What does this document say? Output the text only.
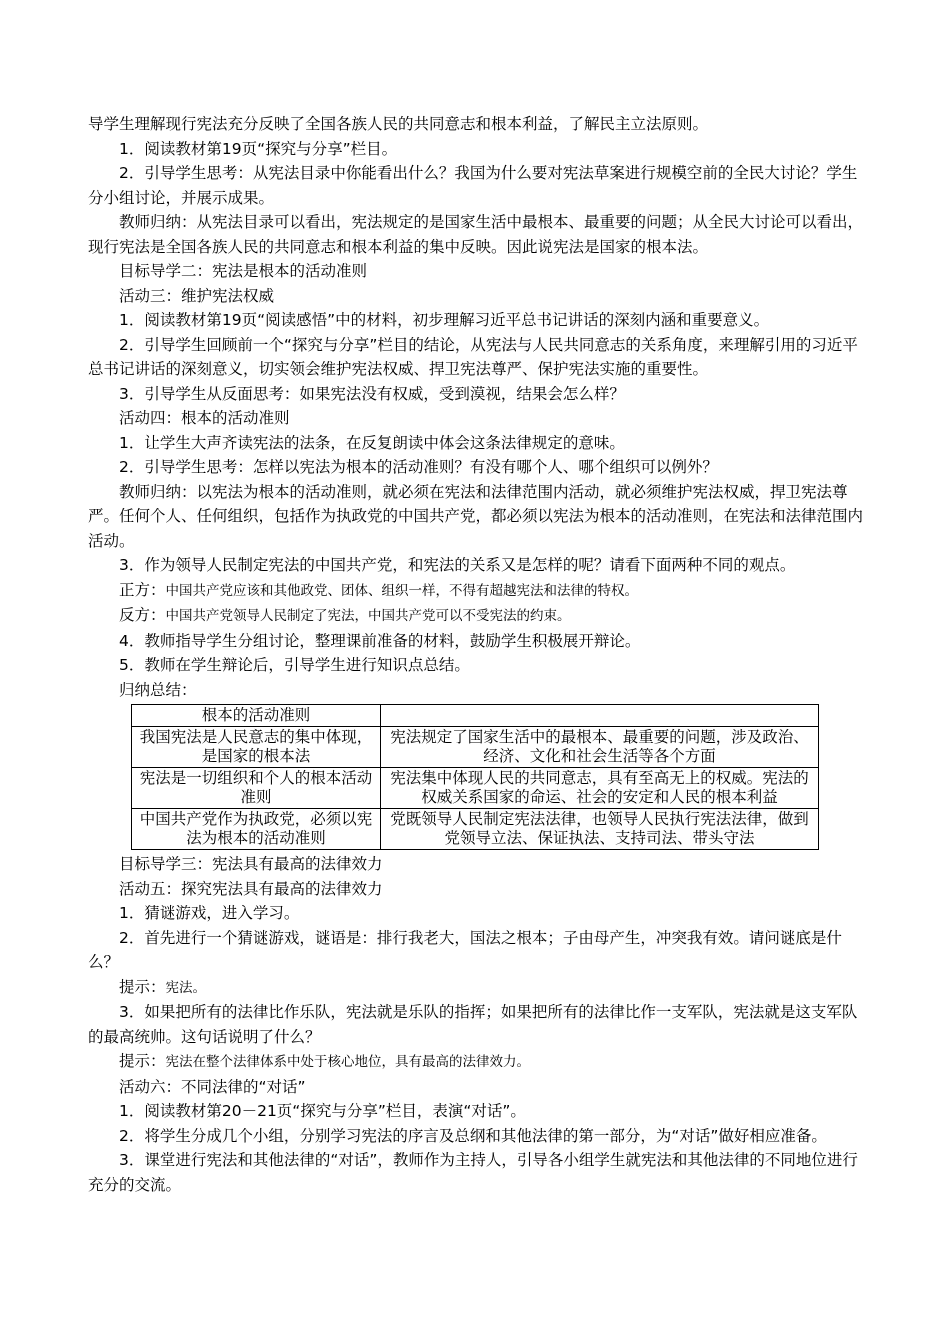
导学生理解现行宪法充分反映了全国各族人民的共同意志和根本利益，了解民主立法原则。

1．阅读教材第19页“探究与分享”栏目。

2．引导学生思考：从宪法目录中你能看出什么？我国为什么要对宪法草案进行规模空前的全民大讨论？学生分小组讨论，并展示成果。

教师归纳：从宪法目录可以看出，宪法规定的是国家生活中最根本、最重要的问题；从全民大讨论可以看出，现行宪法是全国各族人民的共同意志和根本利益的集中反映。因此说宪法是国家的根本法。

目标导学二：宪法是根本的活动准则

活动三：维护宪法权威

1．阅读教材第19页“阅读感悟”中的材料，初步理解习近平总书记讲话的深刻内涵和重要意义。

2．引导学生回顾前一个“探究与分享”栏目的结论，从宪法与人民共同意志的关系角度，来理解引用的习近平总书记讲话的深刻意义，切实领会维护宪法权威、捍卫宪法尊严、保护宪法实施的重要性。

3．引导学生从反面思考：如果宪法没有权威，受到漠视，结果会怎么样？

活动四：根本的活动准则

1．让学生大声齐读宪法的法条，在反复朗读中体会这条法律规定的意味。

2．引导学生思考：怎样以宪法为根本的活动准则？有没有哪个人、哪个组织可以例外？

教师归纳：以宪法为根本的活动准则，就必须在宪法和法律范围内活动，就必须维护宪法权威，捍卫宪法尊严。任何个人、任何组织，包括作为执政党的中国共产党，都必须以宪法为根本的活动准则，在宪法和法律范围内活动。

3．作为领导人民制定宪法的中国共产党，和宪法的关系又是怎样的呢？请看下面两种不同的观点。

正方：中国共产党应该和其他政党、团体、组织一样，不得有超越宪法和法律的特权。

反方：中国共产党领导人民制定了宪法，中国共产党可以不受宪法的约束。

4．教师指导学生分组讨论，整理课前准备的材料，鼓励学生积极展开辩论。

5．教师在学生辩论后，引导学生进行知识点总结。

归纳总结：

根本的活动准则	
我国宪法是人民意志的集中体现，是国家的根本法	宪法规定了国家生活中的最根本、最重要的问题，涉及政治、经济、文化和社会生活等各个方面
宪法是一切组织和个人的根本活动准则	宪法集中体现人民的共同意志，具有至高无上的权威。宪法的权威关系国家的命运、社会的安定和人民的根本利益
中国共产党作为执政党，必须以宪法为根本的活动准则	党既领导人民制定宪法法律，也领导人民执行宪法法律，做到党领导立法、保证执法、支持司法、带头守法

目标导学三：宪法具有最高的法律效力

活动五：探究宪法具有最高的法律效力

1．猜谜游戏，进入学习。

2．首先进行一个猜谜游戏，谜语是：排行我老大，国法之根本；子由母产生，冲突我有效。请问谜底是什么？

提示：宪法。

3．如果把所有的法律比作乐队，宪法就是乐队的指挥；如果把所有的法律比作一支军队，宪法就是这支军队的最高统帅。这句话说明了什么？

提示：宪法在整个法律体系中处于核心地位，具有最高的法律效力。

活动六：不同法律的“对话”

1．阅读教材第20－21页“探究与分享”栏目，表演“对话”。

2．将学生分成几个小组，分别学习宪法的序言及总纲和其他法律的第一部分，为“对话”做好相应准备。

3．课堂进行宪法和其他法律的“对话”，教师作为主持人，引导各小组学生就宪法和其他法律的不同地位进行充分的交流。
